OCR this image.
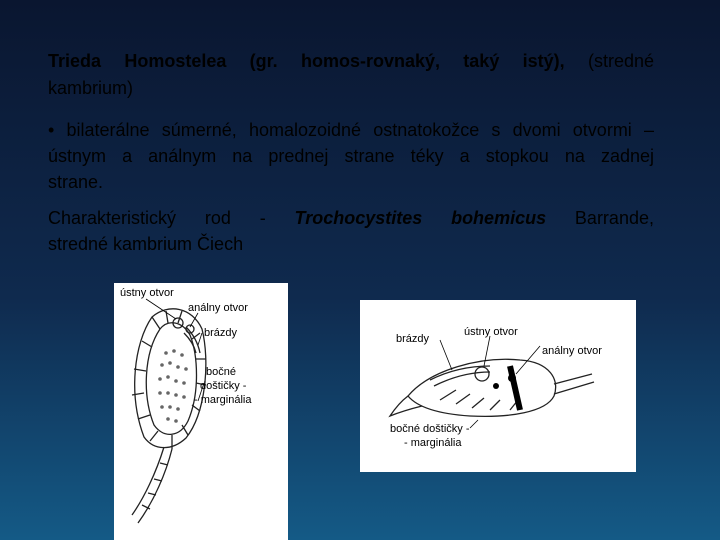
Trieda Homostelea (gr. homos-rovnaký, taký istý), (stredné

kambrium)

• bilaterálne súmerné, homalozoidné ostnatokožce s dvomi otvormi –

ústnym a análnym na prednej strane téky a stopkou na zadnej

strane.

Charakteristický rod - Trochocystites bohemicus Barrande,

stredné kambrium Čiech

ústny otvor
análny otvor
brázdy
bočné
doštičky -
- marginália
brázdy
ústny otvor
análny otvor
bočné doštičky -
- marginália
